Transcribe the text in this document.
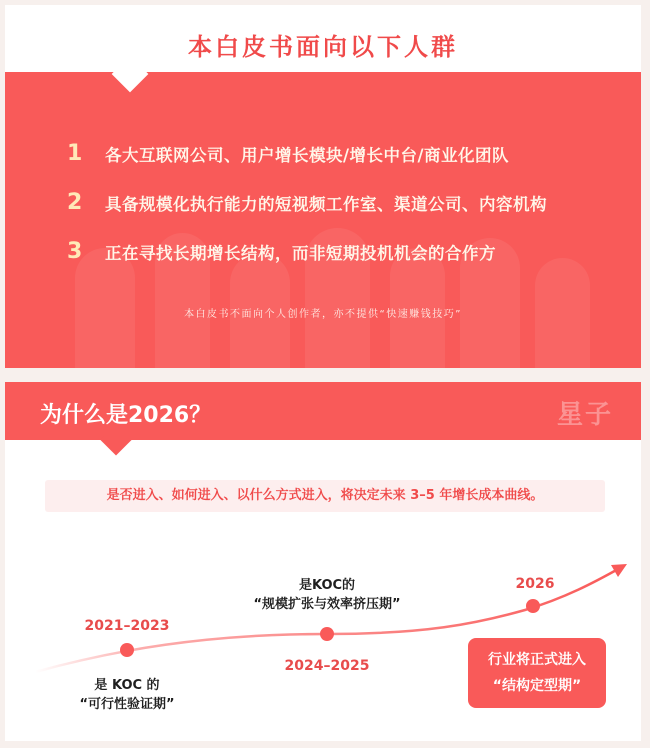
本白皮书面向以下人群
1	各大互联网公司、用户增长模块/增长中台/商业化团队
2	具备规模化执行能力的短视频工作室、渠道公司、内容机构
3	正在寻找长期增长结构，而非短期投机机会的合作方
本白皮书不面向个人创作者，亦不提供“快速赚钱技巧”
为什么是2026？	星子
是否进入、如何进入、以什么方式进入，将决定未来 3–5 年增长成本曲线。
2021–2023
是 KOC 的
“可行性验证期”
是KOC的
“规模扩张与效率挤压期”
2024–2025
2026
行业将正式进入
“结构定型期”
